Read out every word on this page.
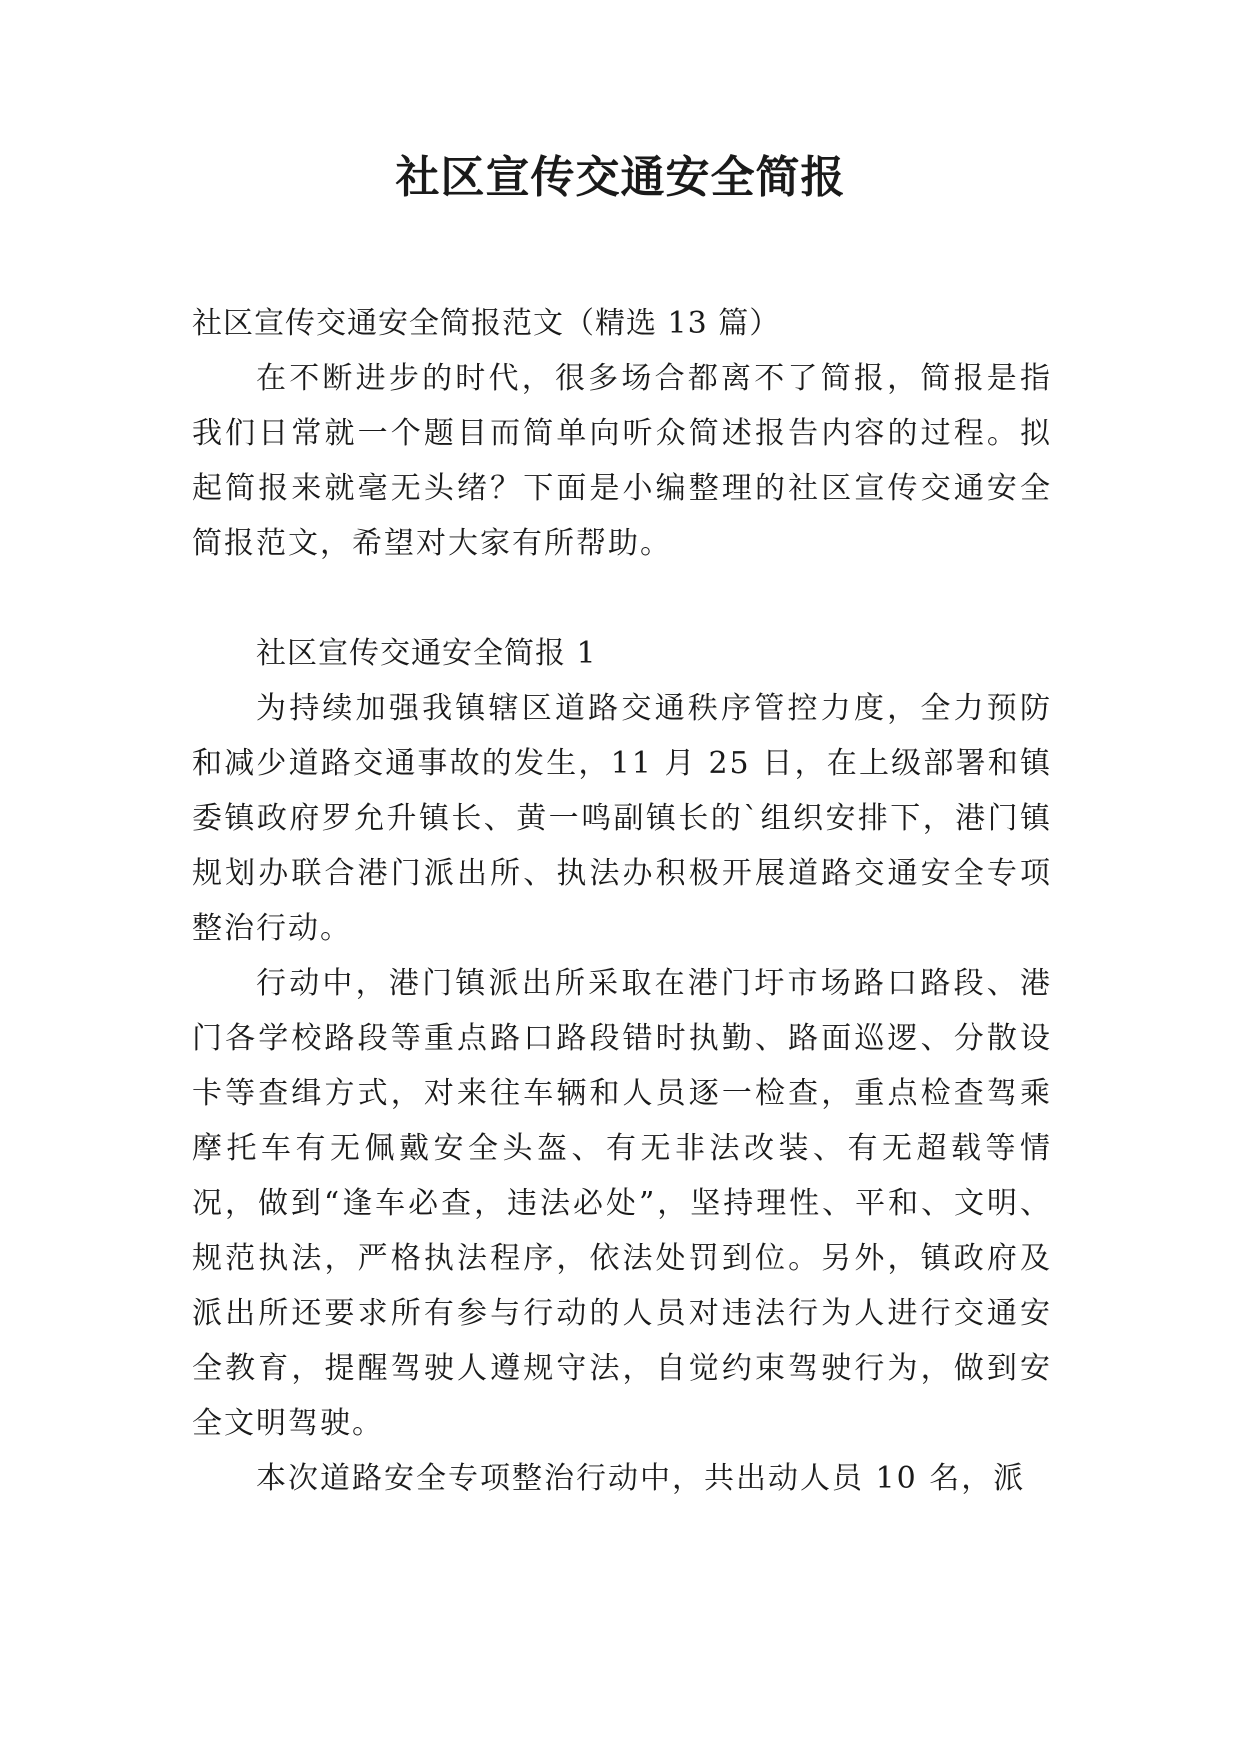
社区宣传交通安全简报

社区宣传交通安全简报范文（精选 13 篇）

在不断进步的时代，很多场合都离不了简报，简报是指我们日常就一个题目而简单向听众简述报告内容的过程。拟起简报来就毫无头绪？下面是小编整理的社区宣传交通安全简报范文，希望对大家有所帮助。

社区宣传交通安全简报 1

为持续加强我镇辖区道路交通秩序管控力度，全力预防和减少道路交通事故的发生，11 月 25 日，在上级部署和镇委镇政府罗允升镇长、黄一鸣副镇长的`组织安排下，港门镇规划办联合港门派出所、执法办积极开展道路交通安全专项整治行动。

行动中，港门镇派出所采取在港门圩市场路口路段、港门各学校路段等重点路口路段错时执勤、路面巡逻、分散设卡等查缉方式，对来往车辆和人员逐一检查，重点检查驾乘摩托车有无佩戴安全头盔、有无非法改装、有无超载等情况，做到“逢车必查，违法必处”，坚持理性、平和、文明、规范执法，严格执法程序，依法处罚到位。另外，镇政府及派出所还要求所有参与行动的人员对违法行为人进行交通安全教育，提醒驾驶人遵规守法，自觉约束驾驶行为，做到安全文明驾驶。

本次道路安全专项整治行动中，共出动人员 10 名，派
